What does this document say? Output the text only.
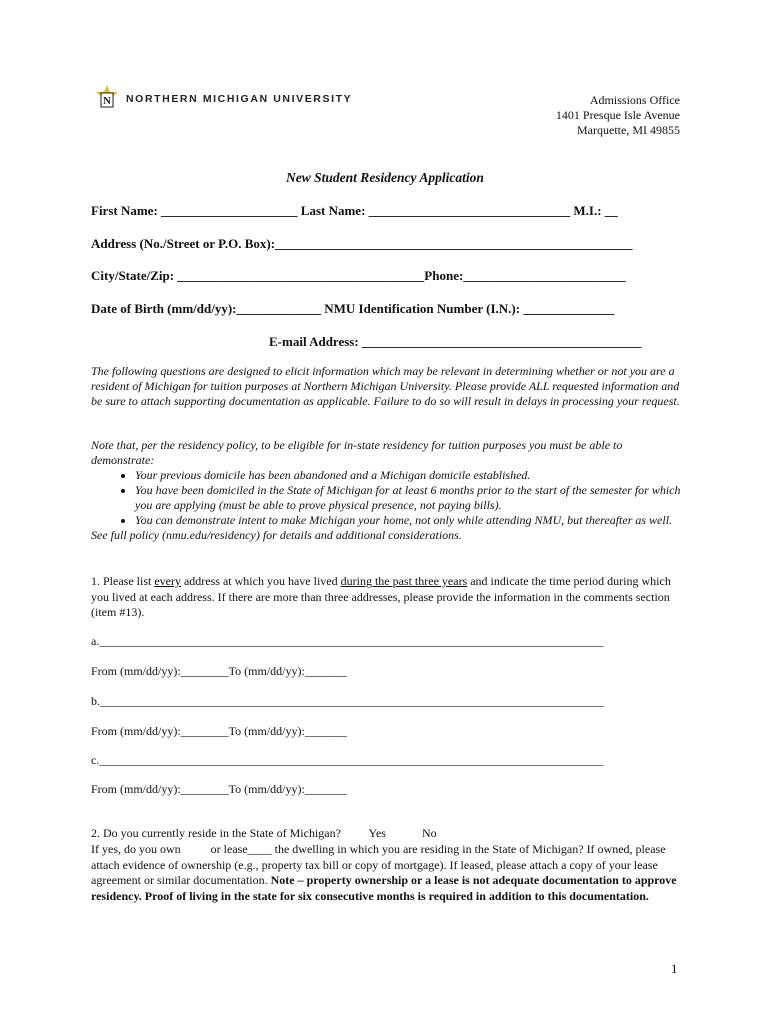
N NORTHERN MICHIGAN UNIVERSITY	Admissions Office
1401 Presque Isle Avenue
Marquette, MI 49855
New Student Residency Application
First Name: _____________________ Last Name: _______________________________ M.I.: __
Address (No./Street or P.O. Box):_______________________________________________________
City/State/Zip: ______________________________________Phone:_________________________
Date of Birth (mm/dd/yy):_____________ NMU Identification Number (I.N.): ______________
E-mail Address: ___________________________________________

The following questions are designed to elicit information which may be relevant in determining whether or not you are a resident of Michigan for tuition purposes at Northern Michigan University. Please provide ALL requested information and be sure to attach supporting documentation as applicable. Failure to do so will result in delays in processing your request.

Note that, per the residency policy, to be eligible for in-state residency for tuition purposes you must be able to demonstrate:

• Your previous domicile has been abandoned and a Michigan domicile established.
• You have been domiciled in the State of Michigan for at least 6 months prior to the start of the semester for which you are applying (must be able to prove physical presence, not paying bills).
• You can demonstrate intent to make Michigan your home, not only while attending NMU, but thereafter as well.

See full policy (nmu.edu/residency) for details and additional considerations.

1. Please list every address at which you have lived during the past three years and indicate the time period during which you lived at each address. If there are more than three addresses, please provide the information in the comments section (item #13).
a.____________________________________________________________________________________
From (mm/dd/yy):________To (mm/dd/yy):_______
b.____________________________________________________________________________________
From (mm/dd/yy):________To (mm/dd/yy):_______
c.____________________________________________________________________________________
From (mm/dd/yy):________To (mm/dd/yy):_______
2. Do you currently reside in the State of Michigan? Yes	No
If yes, do you own ____ or lease____ the dwelling in which you are residing in the State of Michigan? If owned, please attach evidence of ownership (e.g., property tax bill or copy of mortgage). If leased, please attach a copy of your lease agreement or similar documentation. Note – property ownership or a lease is not adequate documentation to approve residency. Proof of living in the state for six consecutive months is required in addition to this documentation.
1
